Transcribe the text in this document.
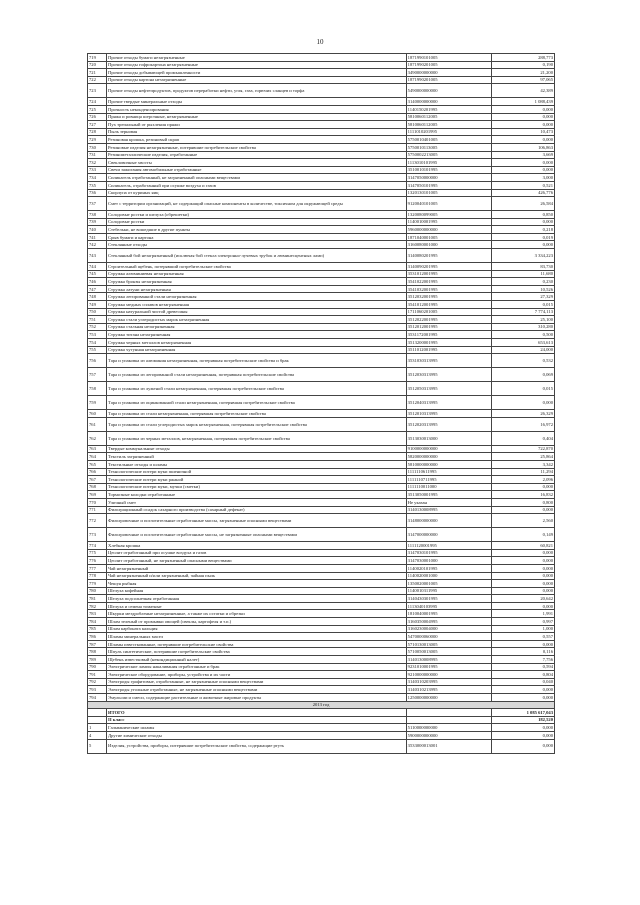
10
719	Прочие отходы бумаги незагрязненные	1871990101005	288,773
720	Прочие отходы гофрокартона незагрязненные	1871990201005	0,190
721	Прочие отходы добывающей промышленности	3490000000000	21,200
722	Прочие отходы картона незагрязненные	1871990201005	97,065
723	Прочие отходы нефтепродуктов, продуктов переработки нефти, угля, газа, горючих сланцев и торфа	5490000000000	42,389
724	Прочие твердые минеральные отходы	3140000000000	1 088,439
725	Прочность неконденсирования	1140150201995	0,000
726	Пряжа и ровница шерстяные, незагрязненные	5810060112005	0,000
727	Пух трепальный от рыхления пряжи	5810060112005	0,000
728	Пыль зерновая	1111010201995	10,473
729	Резиновая крошка, резиновый скрап	5750010401005	0,000
730	Резиновые изделия незагрязненные, потерявшие потребительские свойства	5750010113005	106,863
731	Резинометаллические изделия, отработанные	5750002213005	3,669
732	Свекловичные хвосты	1113010101995	0,000
733	Свечи зажигания автомобильные отработанные	3510010101995	0,000
734	Силикагель отработанный, не загрязненный опасными веществами	3147050000000	3,000
735	Силикагель, отработанный при осушке воздуха и газов	3147050101995	0,521
736	Скорлупа от куриных яиц	1320130101005	426,776
737	Смет с территории организаций, не содержащий опасные компоненты в количестве, токсичном для окружающей среды	9120040101005	26,584
738	Солодовые ростки и шелуха (обрешетки)	1320080099005	0,850
739	Солодовые ростки	1140010001995	0,000
740	Стебельки, не вошедшие в другие пункты	5960000000000	0,218
741	Срыв бумаги и картона	1871040001005	0,019
742	Стеклянные отходы	3160080001000	0,000
743	Стеклянный бой незагрязненный (исключая бой стекла электронно-лучевых трубок и люминесцентных ламп)	3140080201995	3 334,223
744	Строительный щебень, потерявший потребительские свойства	3140090201995	83,730
745	Стружка алюминиевая незагрязненная	3531012001995	11,680
746	Стружка бронзы незагрязненная	3541022001995	0,230
747	Стружка латуни незагрязненная	3541032001995	10,526
748	Стружка легированной стали незагрязненная	3512032001995	27,329
749	Стружка медных сплавов незагрязненная	3541012001995	0,015
750	Стружка натуральной чистой древесины	1711060201005	7 774,113
751	Стружка стали углеродистых марок незагрязненная	3512022001995	25,100
752	Стружка стальная незагрязненная	3512012001995	310,280
753	Стружка титана незагрязненная	3531172001995	0,500
754	Стружка черных металлов незагрязненная	3513200001995	653,613
755	Стружка чугунная незагрязненная	3511012001995	24,000
756	Тара и упаковка из алюминия незагрязненная, потерявшая потребительские свойства и брак	3531030313995	0,532
757	Тара и упаковка из легированной стали незагрязненная, потерявшая потребительские свойства	3512030313995	0,069
758	Тара и упаковка из луженой стали незагрязненная, потерявшая потребительские свойства	3512050313995	0,015
759	Тара и упаковка из оцинкованной стали незагрязненная, потерявшая потребительские свойства	3512040313995	0,000
760	Тара и упаковка из стали незагрязненная, потерявшая потребительские свойства	3512010313995	26,329
761	Тара и упаковка из стали углеродистых марок незагрязненная, потерявшая потребительские свойства	3512020313995	16,972
762	Тара и упаковка из черных металлов, незагрязненная, потерявшая потребительские свойства	3513030013000	0,404
763	Твердые коммунальные отходы	9100000000000	722,870
764	Текстиль загрязненный	5820000000000	25,864
765	Текстильные отходы и шламы	5810000000000	3,342
766	Технологические потери муки пшеничной	1111110611995	11,294
767	Технологические потери муки ржаной	1111110711995	2,096
768	Технологические потери муки, мучки (сметки)	1111110011000	0,000
769	Тормозные колодки отработанные	3513050001995	16,832
770	Уличный смет	Не указан	0,800
771	Фильтрационный осадок сахарного производства (сахарный дефекат)	3140130008995	0,000
772	Фильтровочные и поглотительные отработанные массы, загрязненные опасными веществами	3148000000000	2,560
773	Фильтровочные и поглотительные отработанные массы, не загрязненные опасными веществами	3147000000000	0,149
774	Хлебная крошка	1111120001995	60,821
775	Цеолит отработанный при осушке воздуха и газов	3147030101995	0,000
776	Цеолит отработанный, не загрязненный опасными веществами	3147030001000	0,000
777	Чай незагрязненный	1140020101995	0,000
778	Чай незагрязненный и/или загрязненный, чайная пыль	1140020001000	0,000
779	Чешуя рыбная	1350020001005	0,000
780	Шелуха кофейная	1140010311995	0,000
781	Шелуха подсолнечная отработанная	3140430301995	20,642
782	Шелуха и семена томатные	1113040103995	0,000
783	Шкурки мездробленые незагрязненные, а также их остатки и обрезки	1810040001995	1,991
784	Шлам зеленый от промывки овощей (свеклы, картофеля и т.п.)	3160350004995	0,997
785	Шлам карбоната кальция	3160230004000	1,000
786	Шламы минеральных масел	5470000060000	0,557
787	Шламы известкованные, потерявшие потребительские свойства	5710130013005	0,000
788	Шпуль синтетические, потерявшие потребительские свойства	5710050013005	0,116
789	Щебень известковый (некондиционный налет)	3140130008995	7,756
790	Электрические лампы накаливания отработанные и брак	9231010001995	0,594
791	Электрическое оборудование, приборы, устройства и их части	9210000000000	0,804
792	Электроды графитовые, отработанные, не загрязненные опасными веществами	3140310203995	0,040
793	Электроды угольные отработанные, не загрязненные опасными веществами	3140310213995	0,000
794	Эмульсии и смеси, содержащие растительные и животные жировые продукты	1250000000000	0,000
2013 год			
	ИТОГО		1 085 617,043
	II класс		182,520
1	Гальванические шламы	5110000000000	0,000
4	Другие химические отходы	5900000000000	0,000
5	Изделия, устройства, приборы, потерявшие потребительские свойства, содержащие ртуть	3533000013001	0,000
